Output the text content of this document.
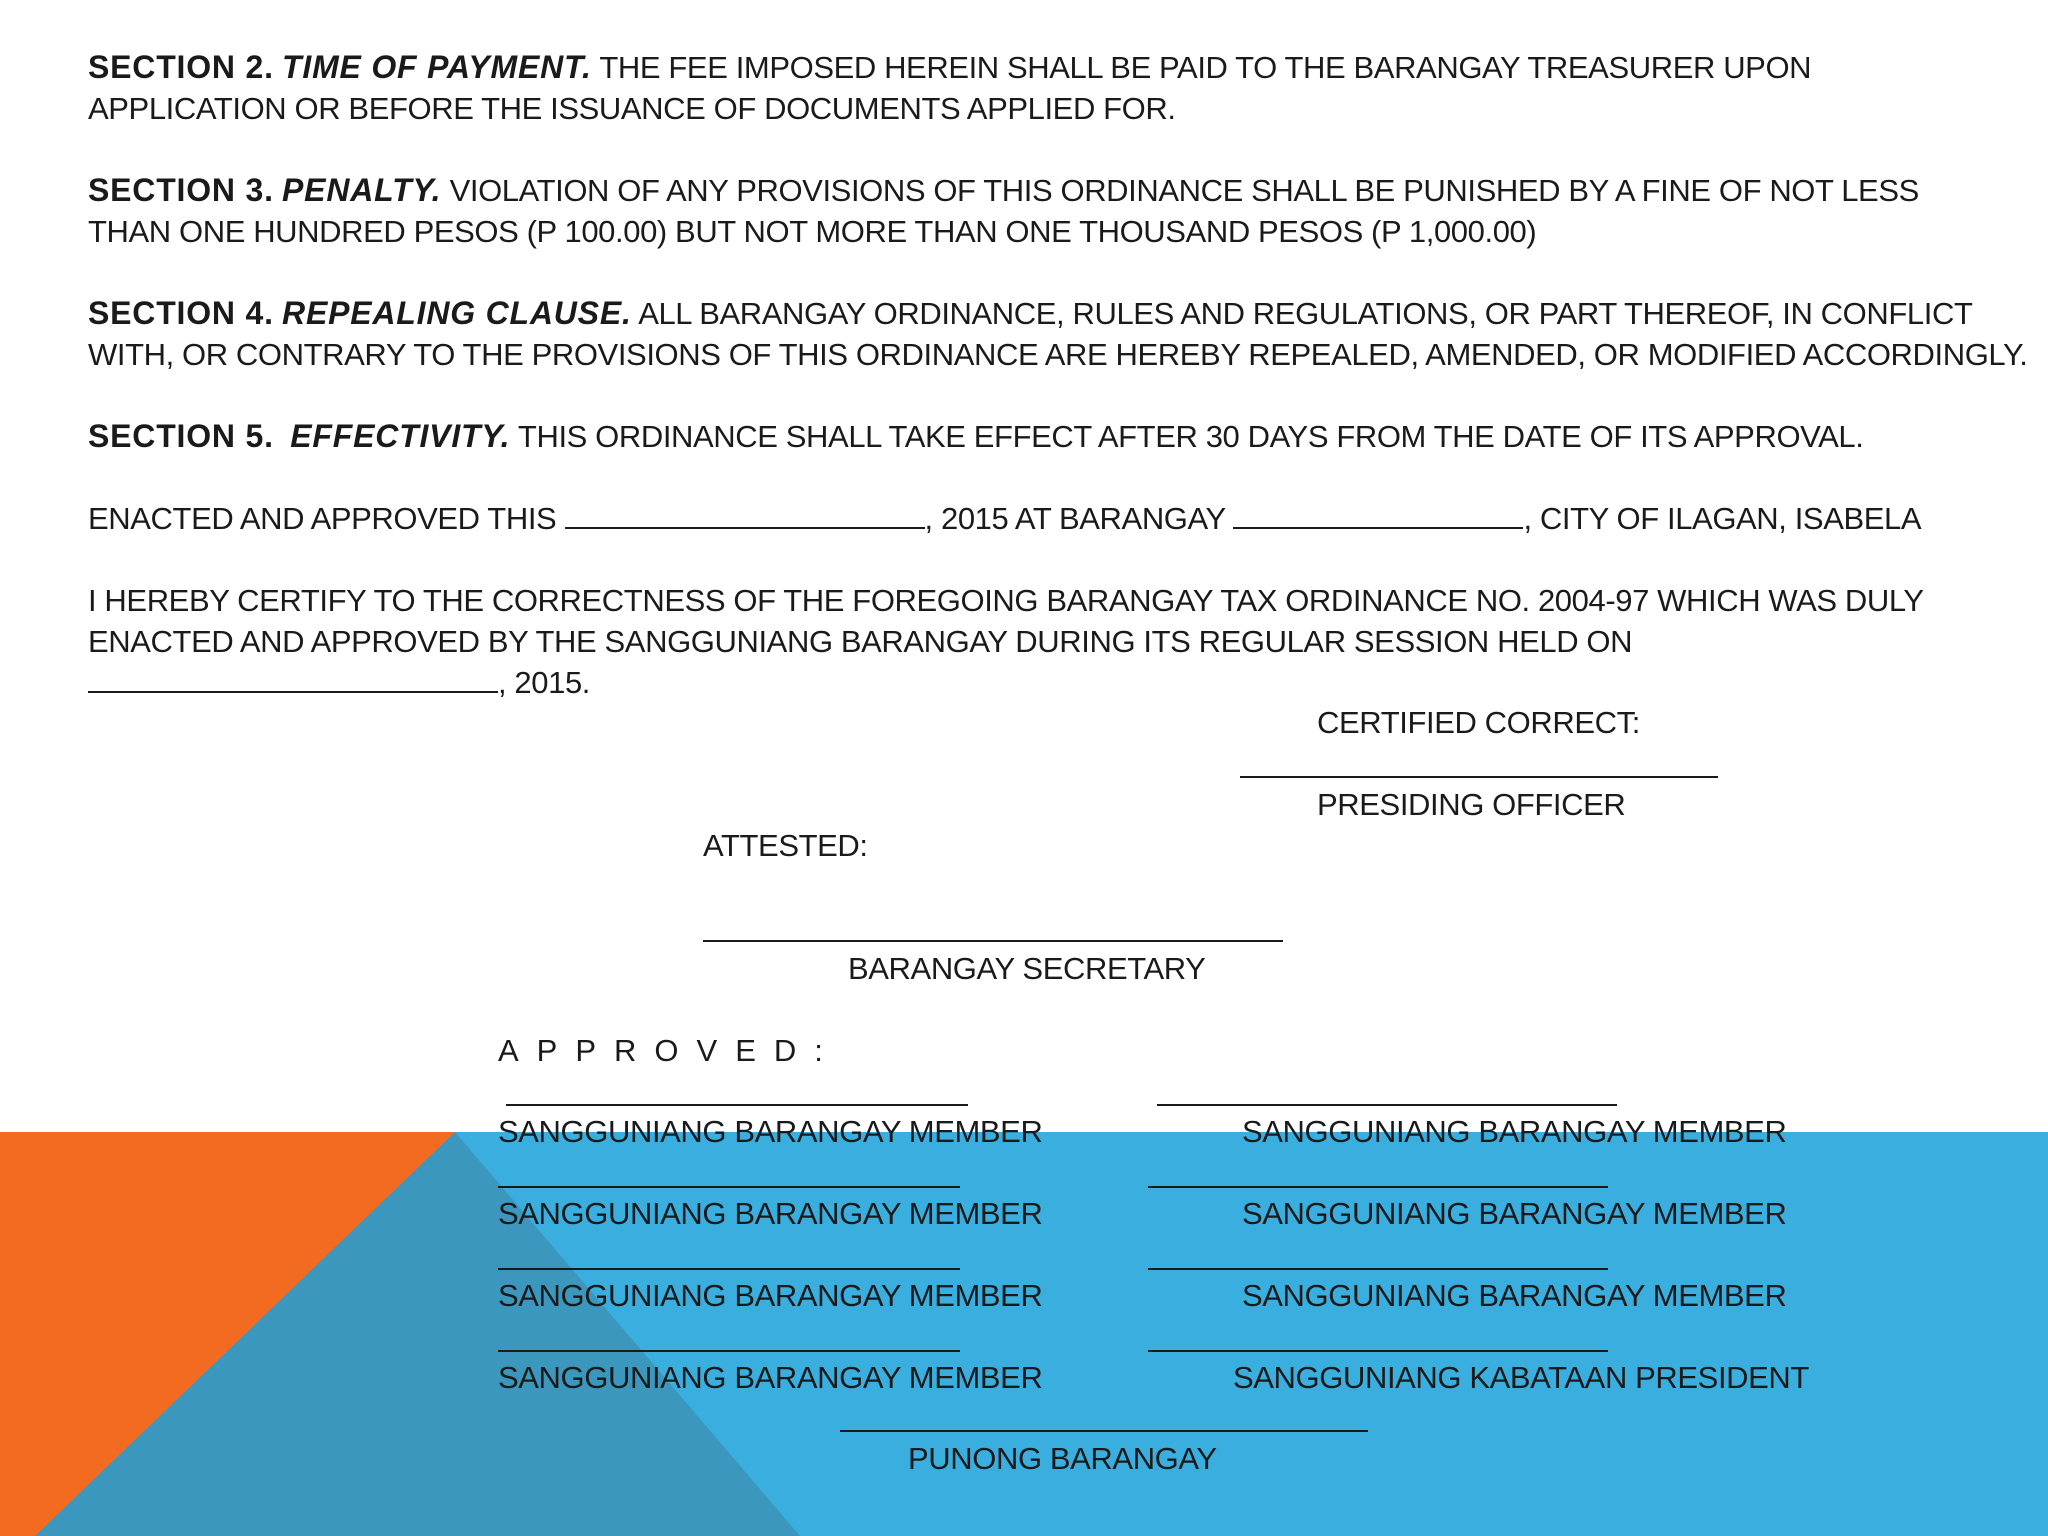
SECTION 2. TIME OF PAYMENT. THE FEE IMPOSED HEREIN SHALL BE PAID TO THE BARANGAY TREASURER UPON

APPLICATION OR BEFORE THE ISSUANCE OF DOCUMENTS APPLIED FOR.

SECTION 3. PENALTY. VIOLATION OF ANY PROVISIONS OF THIS ORDINANCE SHALL BE PUNISHED BY A FINE OF NOT LESS

THAN ONE HUNDRED PESOS (P 100.00) BUT NOT MORE THAN ONE THOUSAND PESOS (P 1,000.00)

SECTION 4. REPEALING CLAUSE. ALL BARANGAY ORDINANCE, RULES AND REGULATIONS, OR PART THEREOF, IN CONFLICT

WITH, OR CONTRARY TO THE PROVISIONS OF THIS ORDINANCE ARE HEREBY REPEALED, AMENDED, OR MODIFIED ACCORDINGLY.

SECTION 5. EFFECTIVITY. THIS ORDINANCE SHALL TAKE EFFECT AFTER 30 DAYS FROM THE DATE OF ITS APPROVAL.

ENACTED AND APPROVED THIS	, 2015 AT BARANGAY	, CITY OF ILAGAN, ISABELA

I HEREBY CERTIFY TO THE CORRECTNESS OF THE FOREGOING BARANGAY TAX ORDINANCE NO. 2004-97 WHICH WAS DULY

ENACTED AND APPROVED BY THE SANGGUNIANG BARANGAY DURING ITS REGULAR SESSION HELD ON

, 2015.

CERTIFIED CORRECT:

PRESIDING OFFICER

ATTESTED:

BARANGAY SECRETARY

APPROVED:

SANGGUNIANG BARANGAY MEMBER	SANGGUNIANG BARANGAY MEMBER

SANGGUNIANG BARANGAY MEMBER	SANGGUNIANG BARANGAY MEMBER

SANGGUNIANG BARANGAY MEMBER	SANGGUNIANG BARANGAY MEMBER

SANGGUNIANG BARANGAY MEMBER	SANGGUNIANG KABATAAN PRESIDENT

PUNONG BARANGAY
